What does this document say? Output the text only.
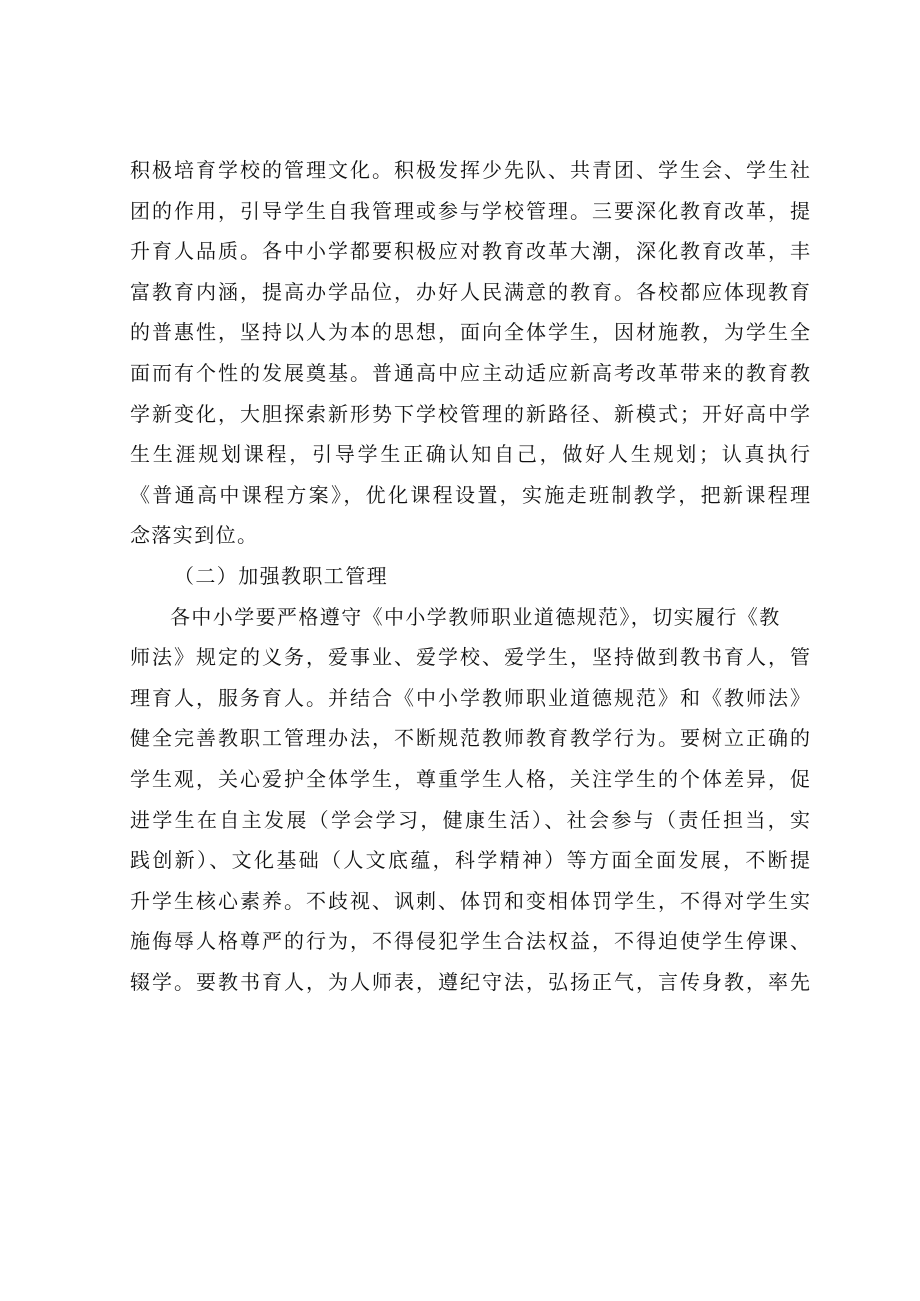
积极培育学校的管理文化。积极发挥少先队、共青团、学生会、学生社
团的作用，引导学生自我管理或参与学校管理。三要深化教育改革，提
升育人品质。各中小学都要积极应对教育改革大潮，深化教育改革，丰
富教育内涵，提高办学品位，办好人民满意的教育。各校都应体现教育
的普惠性，坚持以人为本的思想，面向全体学生，因材施教，为学生全
面而有个性的发展奠基。普通高中应主动适应新高考改革带来的教育教
学新变化，大胆探索新形势下学校管理的新路径、新模式；开好高中学
生生涯规划课程，引导学生正确认知自己，做好人生规划；认真执行
《普通高中课程方案》，优化课程设置，实施走班制教学，把新课程理
念落实到位。
（二）加强教职工管理
各中小学要严格遵守《中小学教师职业道德规范》，切实履行《教
师法》规定的义务，爱事业、爱学校、爱学生，坚持做到教书育人，管
理育人，服务育人。并结合《中小学教师职业道德规范》和《教师法》
健全完善教职工管理办法，不断规范教师教育教学行为。要树立正确的
学生观，关心爱护全体学生，尊重学生人格，关注学生的个体差异，促
进学生在自主发展（学会学习，健康生活）、社会参与（责任担当，实
践创新）、文化基础（人文底蕴，科学精神）等方面全面发展，不断提
升学生核心素养。不歧视、讽刺、体罚和变相体罚学生，不得对学生实
施侮辱人格尊严的行为，不得侵犯学生合法权益，不得迫使学生停课、
辍学。要教书育人，为人师表，遵纪守法，弘扬正气，言传身教，率先
